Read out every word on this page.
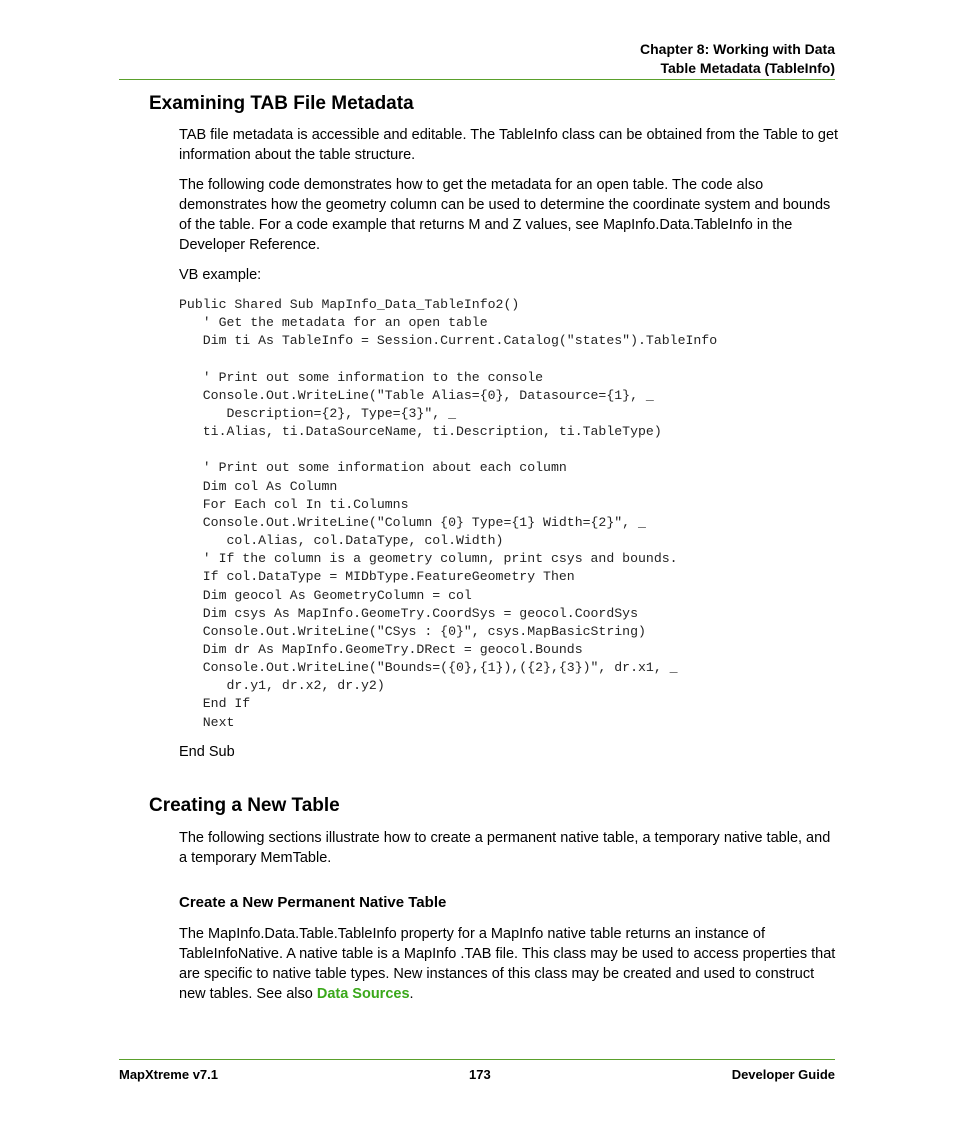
Chapter 8: Working with Data
Table Metadata (TableInfo)
Examining TAB File Metadata

TAB file metadata is accessible and editable. The TableInfo class can be obtained from the Table to get information about the table structure.

The following code demonstrates how to get the metadata for an open table. The code also demonstrates how the geometry column can be used to determine the coordinate system and bounds of the table. For a code example that returns M and Z values, see MapInfo.Data.TableInfo in the Developer Reference.

VB example:

Public Shared Sub MapInfo_Data_TableInfo2()
' Get the metadata for an open table
Dim ti As TableInfo = Session.Current.Catalog("states").TableInfo

' Print out some information to the console
Console.Out.WriteLine("Table Alias={0}, Datasource={1}, _
Description={2}, Type={3}", _
ti.Alias, ti.DataSourceName, ti.Description, ti.TableType)

' Print out some information about each column
Dim col As Column
For Each col In ti.Columns
Console.Out.WriteLine("Column {0} Type={1} Width={2}", _
col.Alias, col.DataType, col.Width)
' If the column is a geometry column, print csys and bounds.
If col.DataType = MIDbType.FeatureGeometry Then
Dim geocol As GeometryColumn = col
Dim csys As MapInfo.GeomeTry.CoordSys = geocol.CoordSys
Console.Out.WriteLine("CSys : {0}", csys.MapBasicString)
Dim dr As MapInfo.GeomeTry.DRect = geocol.Bounds
Console.Out.WriteLine("Bounds=({0},{1}),({2},{3})", dr.x1, _
dr.y1, dr.x2, dr.y2)
End If
Next

End Sub

Creating a New Table

The following sections illustrate how to create a permanent native table, a temporary native table, and a temporary MemTable.

Create a New Permanent Native Table

The MapInfo.Data.Table.TableInfo property for a MapInfo native table returns an instance of TableInfoNative. A native table is a MapInfo .TAB file. This class may be used to access properties that are specific to native table types. New instances of this class may be created and used to construct new tables. See also Data Sources.

MapXtreme v7.1	173	Developer Guide
